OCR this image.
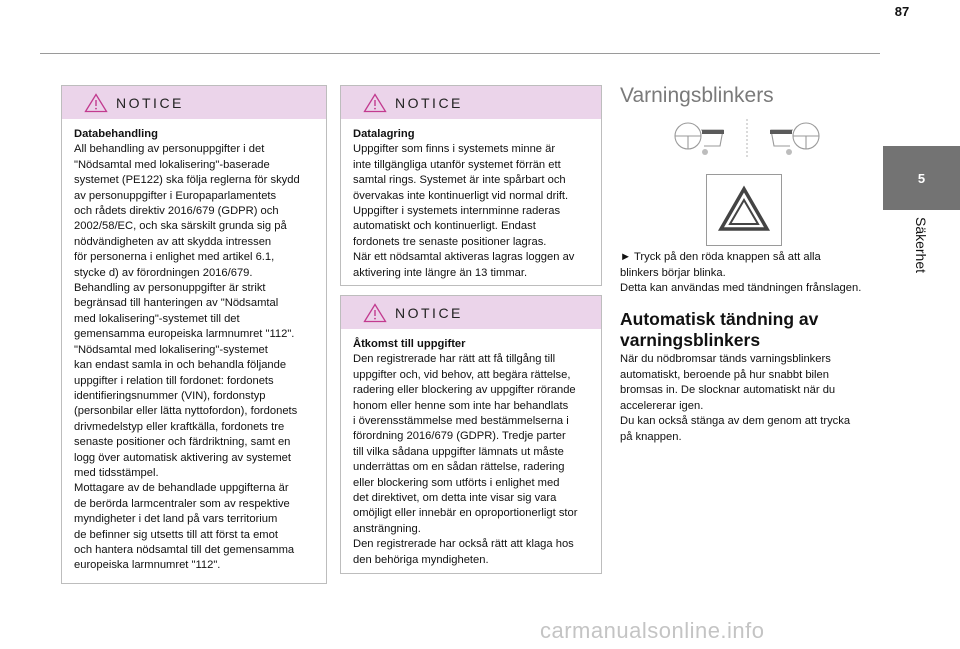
87
5
Säkerhet
NOTICE

Databehandling

All behandling av personuppgifter i det

"Nödsamtal med lokalisering"-baserade

systemet (PE122) ska följa reglerna för skydd

av personuppgifter i Europaparlamentets

och rådets direktiv 2016/679 (GDPR) och

2002/58/EC, och ska särskilt grunda sig på

nödvändigheten av att skydda intressen

för personerna i enlighet med artikel 6.1,

stycke d) av förordningen 2016/679.

Behandling av personuppgifter är strikt

begränsad till hanteringen av "Nödsamtal

med lokalisering"-systemet till det

gemensamma europeiska larmnumret "112".

"Nödsamtal med lokalisering"-systemet

kan endast samla in och behandla följande

uppgifter i relation till fordonet: fordonets

identifieringsnummer (VIN), fordonstyp

(personbilar eller lätta nyttofordon), fordonets

drivmedelstyp eller kraftkälla, fordonets tre

senaste positioner och färdriktning, samt en

logg över automatisk aktivering av systemet

med tidsstämpel.

Mottagare av de behandlade uppgifterna är

de berörda larmcentraler som av respektive

myndigheter i det land på vars territorium

de befinner sig utsetts till att först ta emot

och hantera nödsamtal till det gemensamma

europeiska larmnumret "112".

NOTICE

Datalagring

Uppgifter som finns i systemets minne är

inte tillgängliga utanför systemet förrän ett

samtal rings. Systemet är inte spårbart och

övervakas inte kontinuerligt vid normal drift.

Uppgifter i systemets internminne raderas

automatiskt och kontinuerligt. Endast

fordonets tre senaste positioner lagras.

När ett nödsamtal aktiveras lagras loggen av

aktivering inte längre än 13 timmar.

NOTICE

Åtkomst till uppgifter

Den registrerade har rätt att få tillgång till

uppgifter och, vid behov, att begära rättelse,

radering eller blockering av uppgifter rörande

honom eller henne som inte har behandlats

i överensstämmelse med bestämmelserna i

förordning 2016/679 (GDPR). Tredje parter

till vilka sådana uppgifter lämnats ut måste

underrättas om en sådan rättelse, radering

eller blockering som utförts i enlighet med

det direktivet, om detta inte visar sig vara

omöjligt eller innebär en oproportionerligt stor

ansträngning.

Den registrerade har också rätt att klaga hos

den behöriga myndigheten.

Varningsblinkers

► Tryck på den röda knappen så att alla

blinkers börjar blinka.

Detta kan användas med tändningen frånslagen.

Automatisk tändning av
varningsblinkers

När du nödbromsar tänds varningsblinkers

automatiskt, beroende på hur snabbt bilen

bromsas in. De slocknar automatiskt när du

accelererar igen.

Du kan också stänga av dem genom att trycka

på knappen.

carmanualsonline.info
